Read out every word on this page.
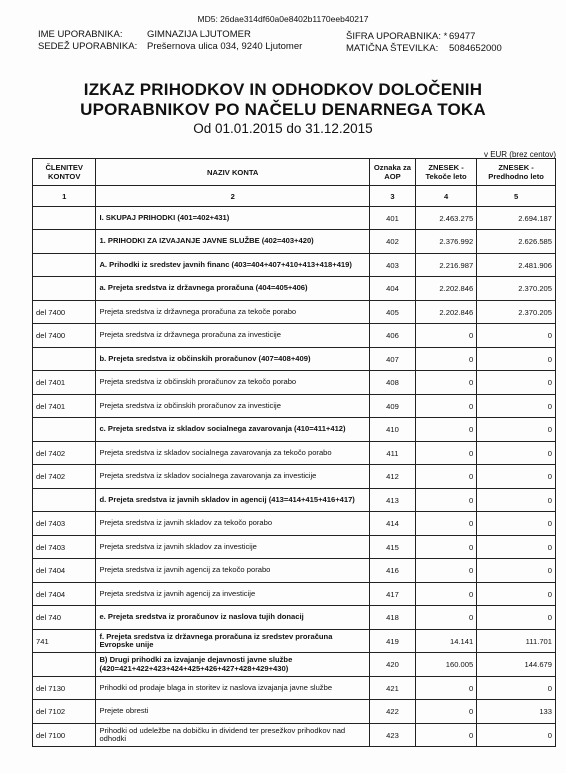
MD5: 26dae314df60a0e8402b1170eeb40217
IME UPORABNIKA:	GIMNAZIJA LJUTOMER
SEDEŽ UPORABNIKA: Prešernova ulica 034, 9240 Ljutomer
ŠIFRA UPORABNIKA: * 69477
MATIČNA ŠTEVILKA: 5084652000
IZKAZ PRIHODKOV IN ODHODKOV DOLOČENIH
UPORABNIKOV PO NAČELU DENARNEGA TOKA
Od 01.01.2015 do 31.12.2015
v EUR (brez centov)
ČLENITEV KONTOV	NAZIV KONTA	Oznaka za AOP	ZNESEK - Tekoče leto	ZNESEK - Predhodno leto
1	2	3	4	5
	I. SKUPAJ PRIHODKI (401=402+431)	401	2.463.275	2.694.187
	1. PRIHODKI ZA IZVAJANJE JAVNE SLUŽBE (402=403+420)	402	2.376.992	2.626.585
	A. Prihodki iz sredstev javnih financ (403=404+407+410+413+418+419)	403	2.216.987	2.481.906
	a. Prejeta sredstva iz državnega proračuna (404=405+406)	404	2.202.846	2.370.205
del 7400	Prejeta sredstva iz državnega proračuna za tekoče porabo	405	2.202.846	2.370.205
del 7400	Prejeta sredstva iz državnega proračuna za investicije	406	0	0
	b. Prejeta sredstva iz občinskih proračunov (407=408+409)	407	0	0
del 7401	Prejeta sredstva iz občinskih proračunov za tekočo porabo	408	0	0
del 7401	Prejeta sredstva iz občinskih proračunov za investicije	409	0	0
	c. Prejeta sredstva iz skladov socialnega zavarovanja (410=411+412)	410	0	0
del 7402	Prejeta sredstva iz skladov socialnega zavarovanja za tekočo porabo	411	0	0
del 7402	Prejeta sredstva iz skladov socialnega zavarovanja za investicije	412	0	0
	d. Prejeta sredstva iz javnih skladov in agencij (413=414+415+416+417)	413	0	0
del 7403	Prejeta sredstva iz javnih skladov za tekočo porabo	414	0	0
del 7403	Prejeta sredstva iz javnih skladov za investicije	415	0	0
del 7404	Prejeta sredstva iz javnih agencij za tekočo porabo	416	0	0
del 7404	Prejeta sredstva iz javnih agencij za investicije	417	0	0
del 740	e. Prejeta sredstva iz proračunov iz naslova tujih donacij	418	0	0
741	f. Prejeta sredstva iz državnega proračuna iz sredstev proračuna Evropske unije	419	14.141	111.701
	B) Drugi prihodki za izvajanje dejavnosti javne službe (420=421+422+423+424+425+426+427+428+429+430)	420	160.005	144.679
del 7130	Prihodki od prodaje blaga in storitev iz naslova izvajanja javne službe	421	0	0
del 7102	Prejete obresti	422	0	133
del 7100	Prihodki od udeležbe na dobičku in dividend ter presežkov prihodkov nad odhodki	423	0	0
